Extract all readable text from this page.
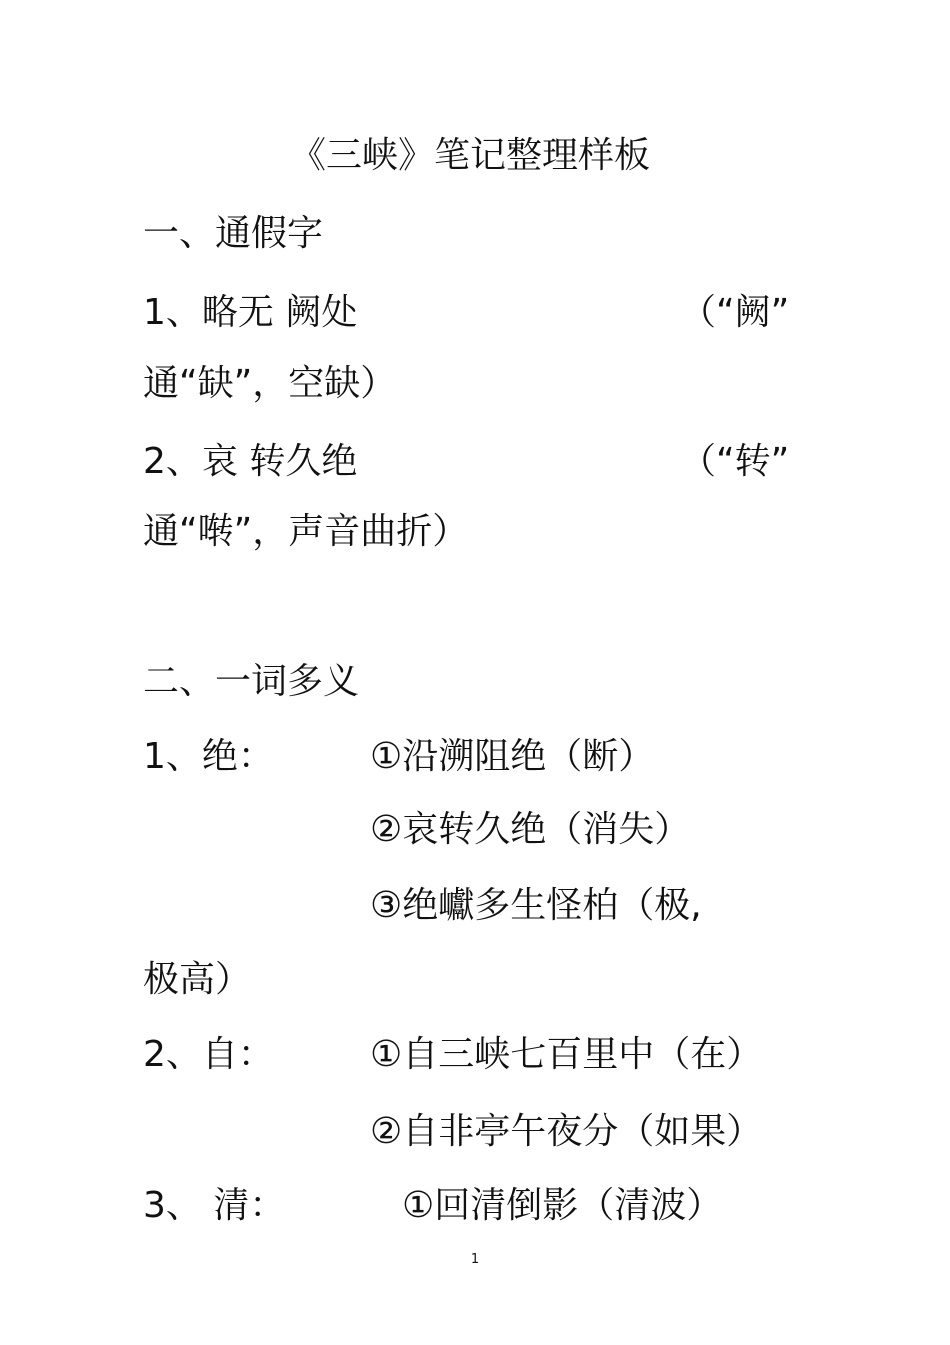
《三峡》笔记整理样板
一、通假字
1、略无 阙处	（“阙”
通“缺”，空缺）
2、哀 转久绝	（“转”
通“啭”，声音曲折）
二、一词多义
1、绝：	①沿溯阻绝（断）
②哀转久绝（消失）
③绝巘多生怪柏（极,
极高）
2、自：	①自三峡七百里中（在）
②自非亭午夜分（如果）
3、 清：	①回清倒影（清波）
1
